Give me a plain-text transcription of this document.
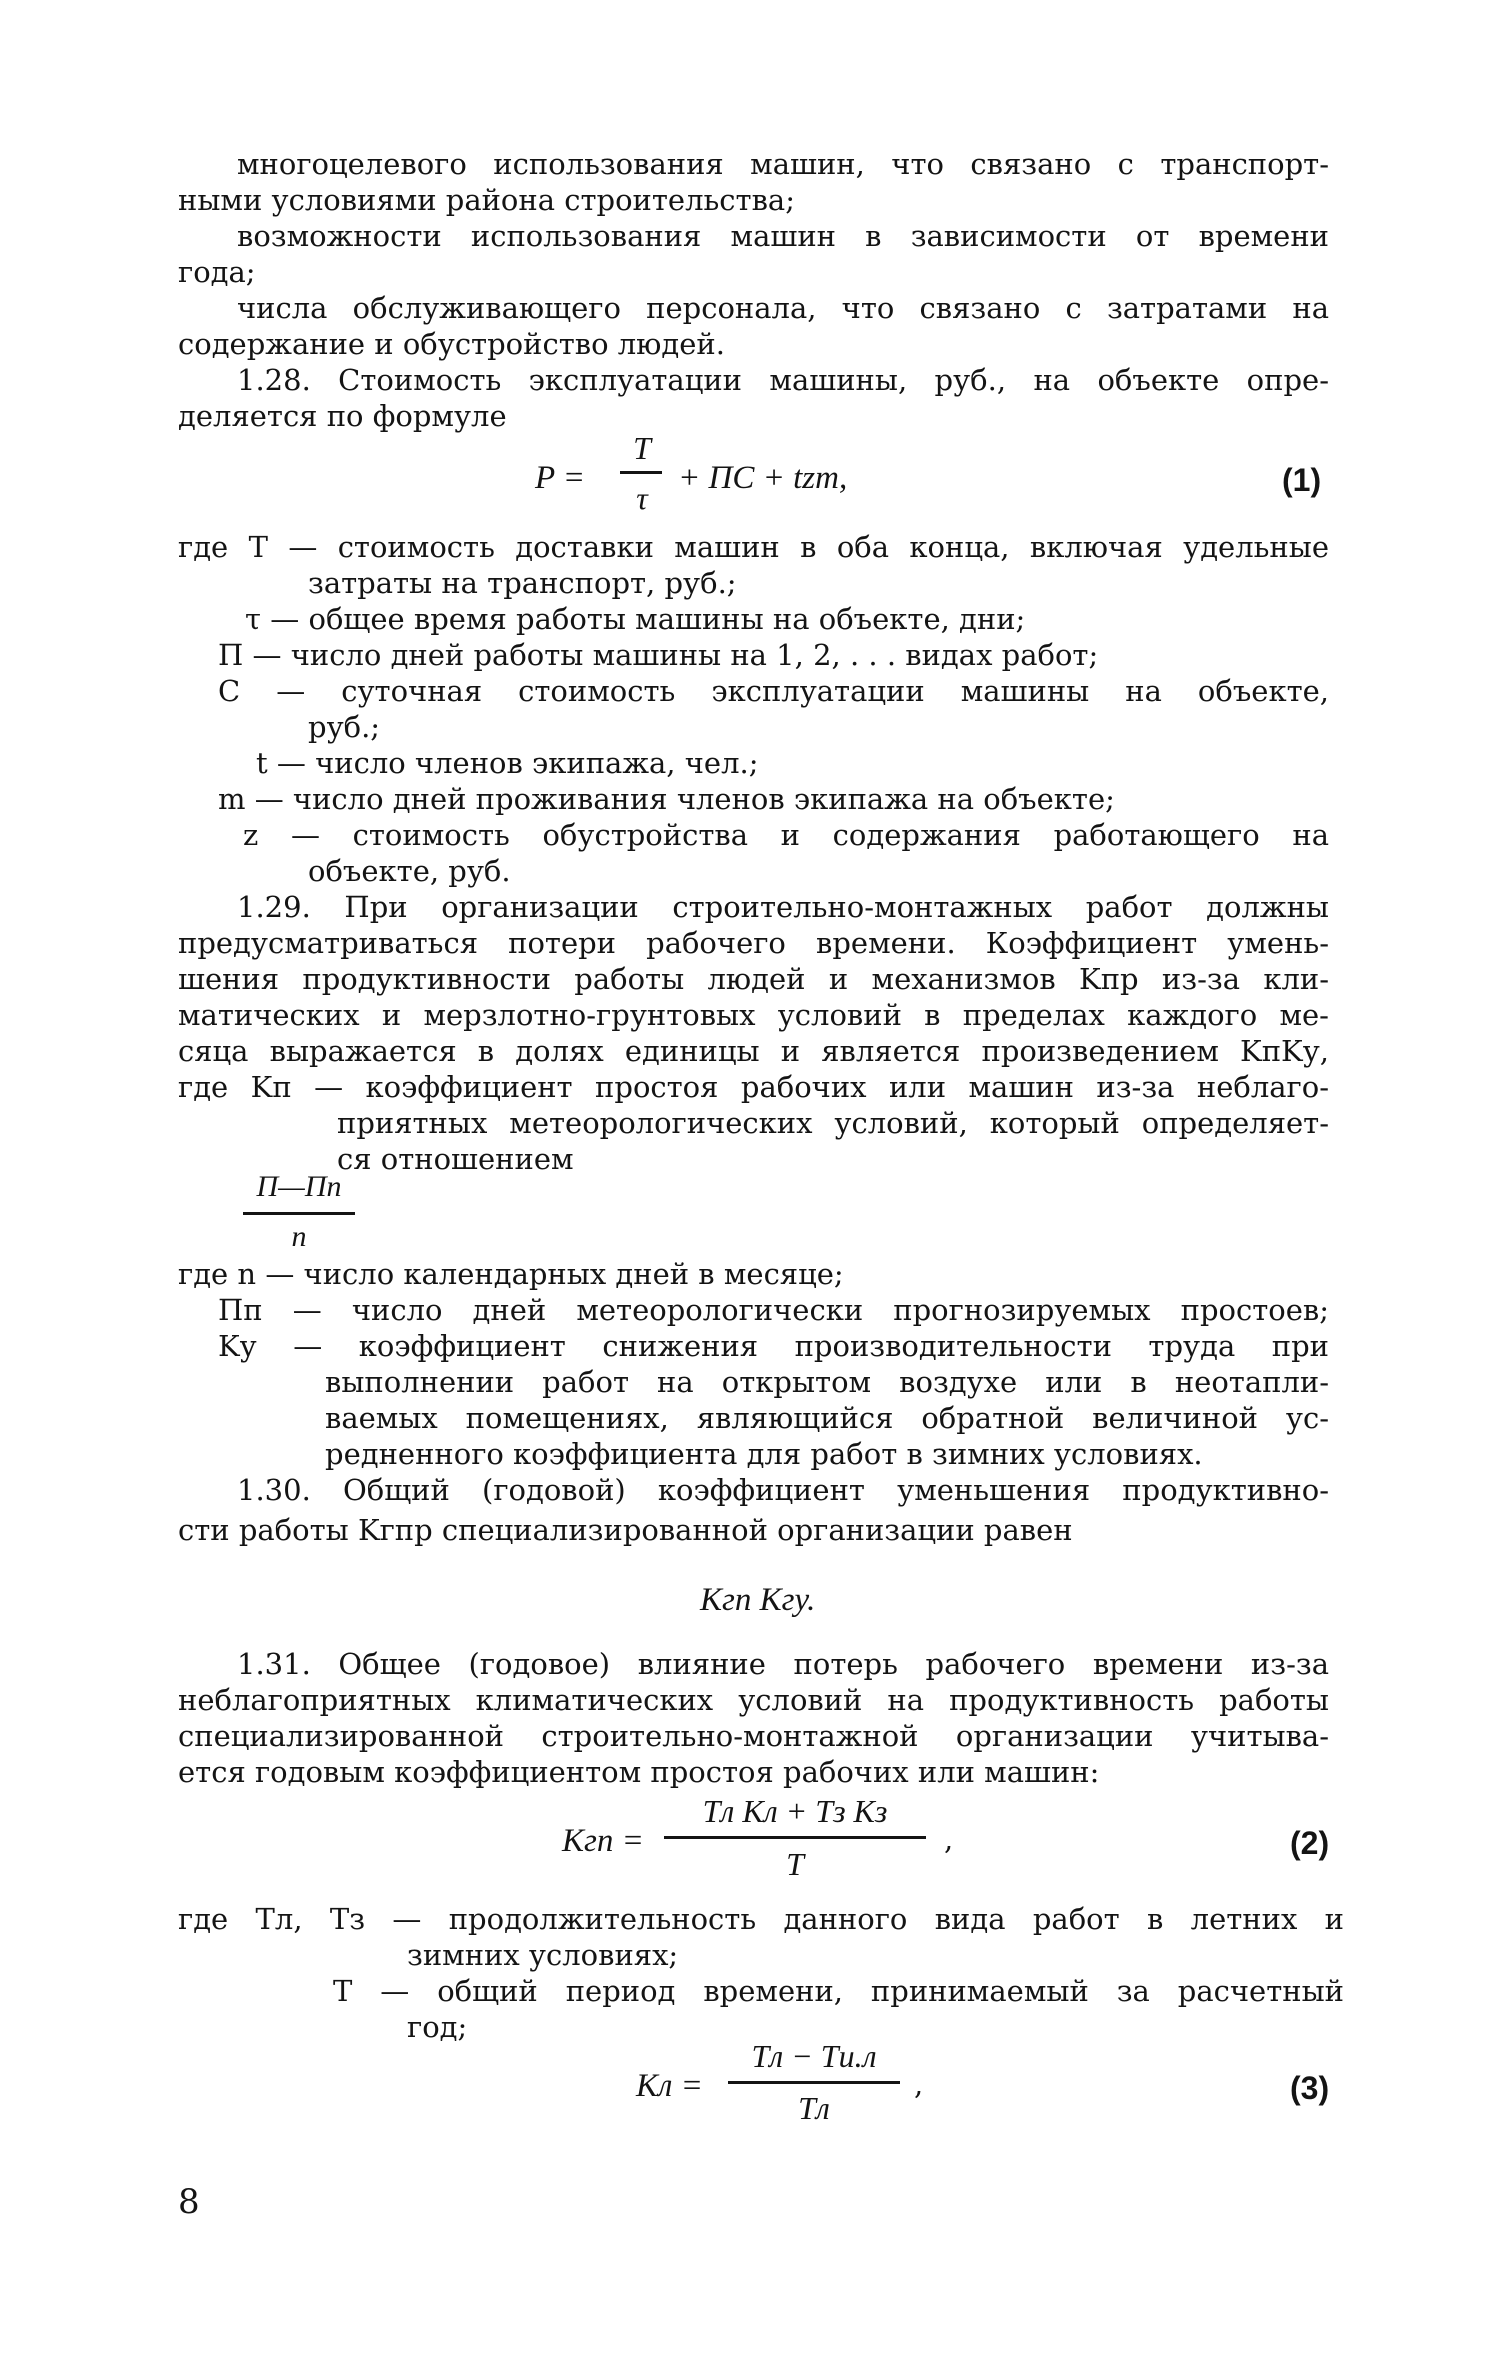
многоцелевого использования машин, что связано с транспорт-
ными условиями района строительства;
возможности использования машин в зависимости от времени
года;
числа обслуживающего персонала, что связано с затратами на
содержание и обустройство людей.
1.28. Стоимость эксплуатации машины, руб., на объекте опре-
деляется по формуле
P =
T
τ
+ ПC + tzm,	(1)
где T — стоимость доставки машин в оба конца, включая удельные
затраты на транспорт, руб.;
τ — общее время работы машины на объекте, дни;
П — число дней работы машины на 1, 2, . . . видах работ;
C — суточная стоимость эксплуатации машины на объекте,
руб.;
t — число членов экипажа, чел.;
m — число дней проживания членов экипажа на объекте;
z — стоимость обустройства и содержания работающего на
объекте, руб.
1.29. При организации строительно-монтажных работ должны
предусматриваться потери рабочего времени. Коэффициент умень-
шения продуктивности работы людей и механизмов Kпр из-за кли-
матических и мерзлотно-грунтовых условий в пределах каждого ме-
сяца выражается в долях единицы и является произведением KпKу,
где Kп — коэффициент простоя рабочих или машин из-за неблаго-
приятных метеорологических условий, который определяет-
ся отношением
П—Пп
n
где n — число календарных дней в месяце;
Пп — число дней метеорологически прогнозируемых простоев;
Kу — коэффициент снижения производительности труда при
выполнении работ на открытом воздухе или в неотапли-
ваемых помещениях, являющийся обратной величиной ус-
редненного коэффициента для работ в зимних условиях.
1.30. Общий (годовой) коэффициент уменьшения продуктивно-
сти работы Kгпр специализированной организации равен
Kгп Kгу.
1.31. Общее (годовое) влияние потерь рабочего времени из-за
неблагоприятных климатических условий на продуктивность работы
специализированной строительно-монтажной организации учитыва-
ется годовым коэффициентом простоя рабочих или машин:
Kгп =
Tл Kл + Tз Kз
T
,	(2)
где Tл, Tз — продолжительность данного вида работ в летних и
зимних условиях;
T — общий период времени, принимаемый за расчетный
год;
Kл =
Tл − Tи.л
Tл
,	(3)
8
